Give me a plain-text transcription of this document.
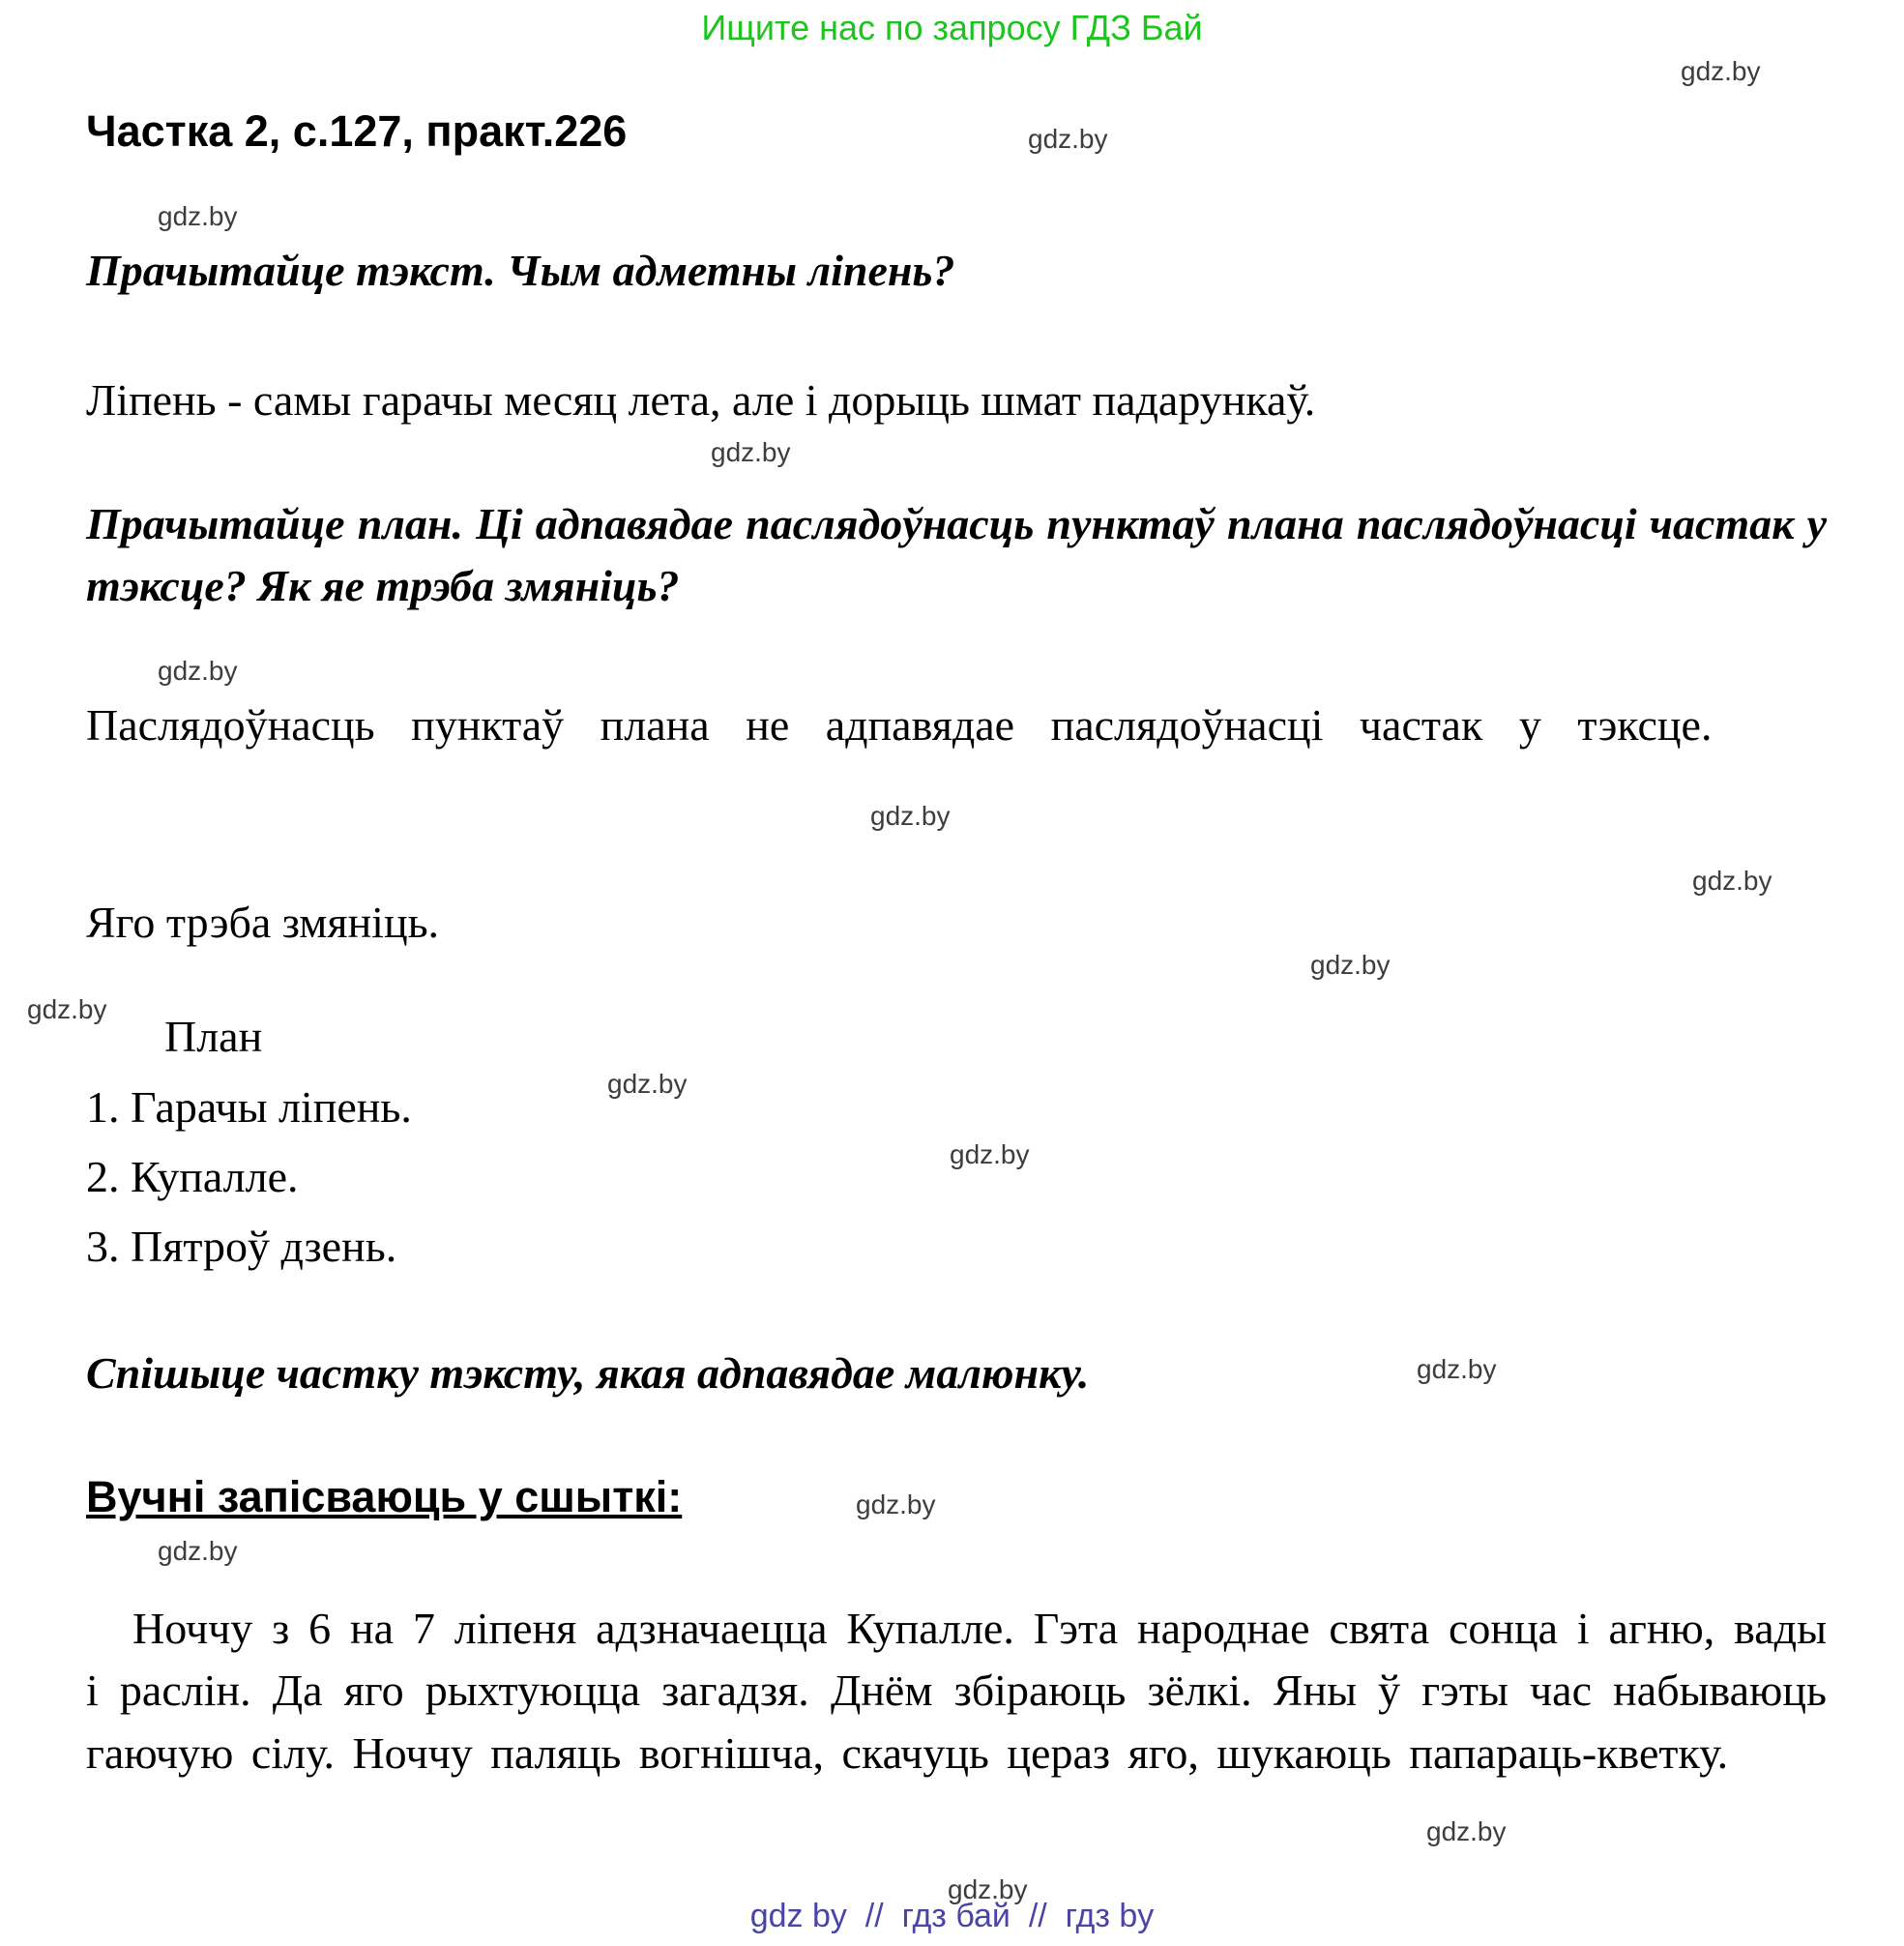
Ищите нас по запросу ГДЗ Бай
gdz.by
Частка 2, с.127, практ.226	gdz.by
gdz.by
Прачытайце тэкст. Чым адметны ліпень?
Ліпень - самы гарачы месяц лета, але і дорыць шмат падарункаў.
gdz.by
Прачытайце план. Ці адпавядае паслядоўнасць пунктаў плана паслядоўнасці частак у тэксце? Як яе трэба змяніць?
gdz.by
Паслядоўнасць пунктаў плана не адпавядае паслядоўнасці частак у тэксце.
gdz.by
gdz.by
Яго трэба змяніць.
gdz.by
gdz.by
План
gdz.by
1. Гарачы ліпень.
gdz.by
2. Купалле.
3. Пятроў дзень.
Спішыце частку тэксту, якая адпавядае малюнку.	gdz.by
Вучні запісваюць у сшыткі:	gdz.by
gdz.by
Ноччу з 6 на 7 ліпеня адзначаецца Купалле. Гэта народнае свята сонца і агню, вады і раслін. Да яго рыхтуюцца загадзя. Днём збіраюць зёлкі. Яны ў гэты час набываюць гаючую сілу. Ноччу паляць вогнішча, скачуць цераз яго, шукаюць папараць-кветку.
gdz.by
gdz.by
gdz by  //  гдз бай  //  гдз by
